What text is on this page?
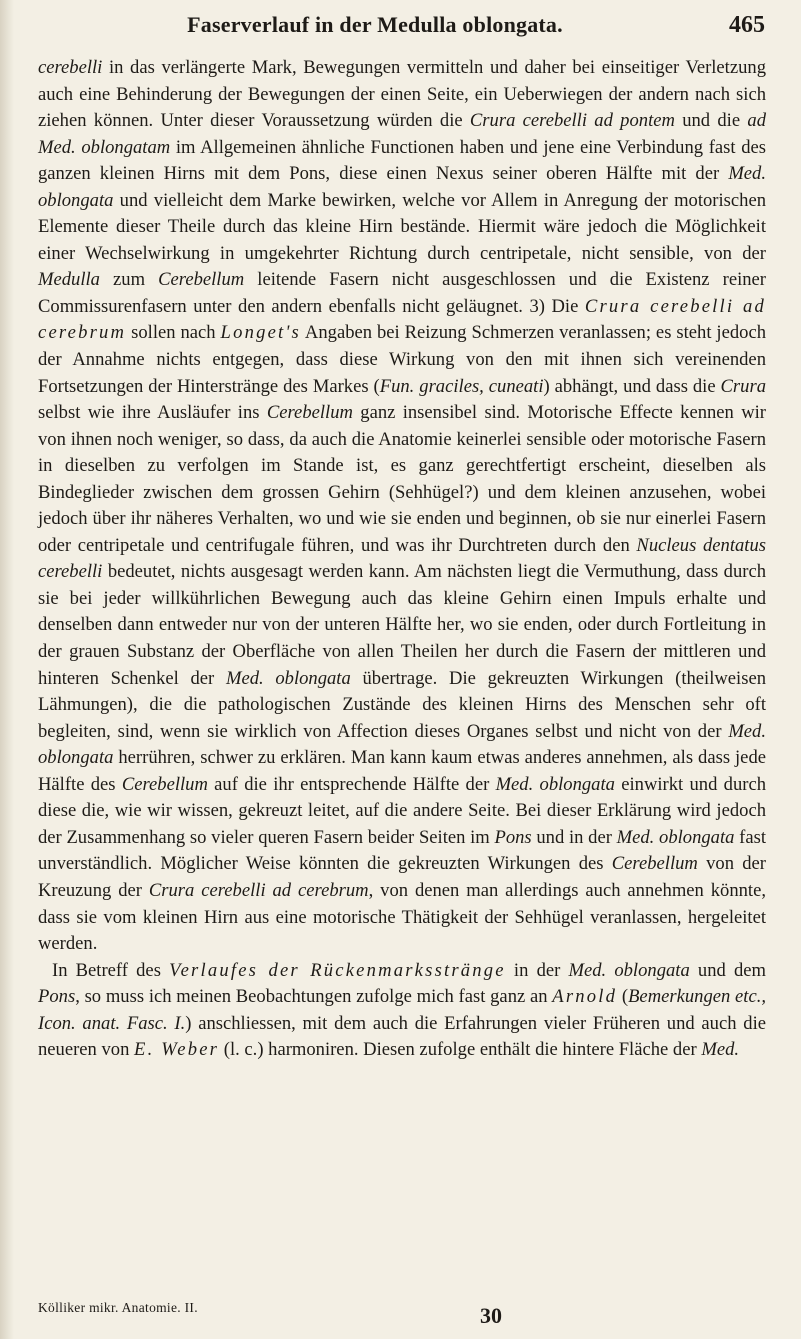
Faserverlauf in der Medulla oblongata.	465

cerebelli in das verlängerte Mark, Bewegungen vermitteln und daher bei einseitiger Verletzung auch eine Behinderung der Bewegungen der einen Seite, ein Ueberwiegen der andern nach sich ziehen können. Unter dieser Voraussetzung würden die Crura cerebelli ad pontem und die ad Med. oblongatam im Allgemeinen ähnliche Functionen haben und jene eine Verbindung fast des ganzen kleinen Hirns mit dem Pons, diese einen Nexus seiner oberen Hälfte mit der Med. oblongata und vielleicht dem Marke bewirken, welche vor Allem in Anregung der motorischen Elemente dieser Theile durch das kleine Hirn bestände. Hiermit wäre jedoch die Möglichkeit einer Wechselwirkung in umgekehrter Richtung durch centripetale, nicht sensible, von der Medulla zum Cerebellum leitende Fasern nicht ausgeschlossen und die Existenz reiner Commissurenfasern unter den andern ebenfalls nicht geläugnet. 3) Die Crura cerebelli ad cerebrum sollen nach Longet's Angaben bei Reizung Schmerzen veranlassen; es steht jedoch der Annahme nichts entgegen, dass diese Wirkung von den mit ihnen sich vereinenden Fortsetzungen der Hinterstränge des Markes (Fun. graciles, cuneati) abhängt, und dass die Crura selbst wie ihre Ausläufer ins Cerebellum ganz insensibel sind. Motorische Effecte kennen wir von ihnen noch weniger, so dass, da auch die Anatomie keinerlei sensible oder motorische Fasern in dieselben zu verfolgen im Stande ist, es ganz gerechtfertigt erscheint, dieselben als Bindeglieder zwischen dem grossen Gehirn (Sehhügel?) und dem kleinen anzusehen, wobei jedoch über ihr näheres Verhalten, wo und wie sie enden und beginnen, ob sie nur einerlei Fasern oder centripetale und centrifugale führen, und was ihr Durchtreten durch den Nucleus dentatus cerebelli bedeutet, nichts ausgesagt werden kann. Am nächsten liegt die Vermuthung, dass durch sie bei jeder willkührlichen Bewegung auch das kleine Gehirn einen Impuls erhalte und denselben dann entweder nur von der unteren Hälfte her, wo sie enden, oder durch Fortleitung in der grauen Substanz der Oberfläche von allen Theilen her durch die Fasern der mittleren und hinteren Schenkel der Med. oblongata übertrage. Die gekreuzten Wirkungen (theilweisen Lähmungen), die die pathologischen Zustände des kleinen Hirns des Menschen sehr oft begleiten, sind, wenn sie wirklich von Affection dieses Organes selbst und nicht von der Med. oblongata herrühren, schwer zu erklären. Man kann kaum etwas anderes annehmen, als dass jede Hälfte des Cerebellum auf die ihr entsprechende Hälfte der Med. oblongata einwirkt und durch diese die, wie wir wissen, gekreuzt leitet, auf die andere Seite. Bei dieser Erklärung wird jedoch der Zusammenhang so vieler queren Fasern beider Seiten im Pons und in der Med. oblongata fast unverständlich. Möglicher Weise könnten die gekreuzten Wirkungen des Cerebellum von der Kreuzung der Crura cerebelli ad cerebrum, von denen man allerdings auch annehmen könnte, dass sie vom kleinen Hirn aus eine motorische Thätigkeit der Sehhügel veranlassen, hergeleitet werden.

In Betreff des Verlaufes der Rückenmarksstränge in der Med. oblongata und dem Pons, so muss ich meinen Beobachtungen zufolge mich fast ganz an Arnold (Bemerkungen etc., Icon. anat. Fasc. I.) anschliessen, mit dem auch die Erfahrungen vieler Früheren und auch die neueren von E. Weber (l. c.) harmoniren. Diesen zufolge enthält die hintere Fläche der Med.

Kölliker mikr. Anatomie. II.	30
